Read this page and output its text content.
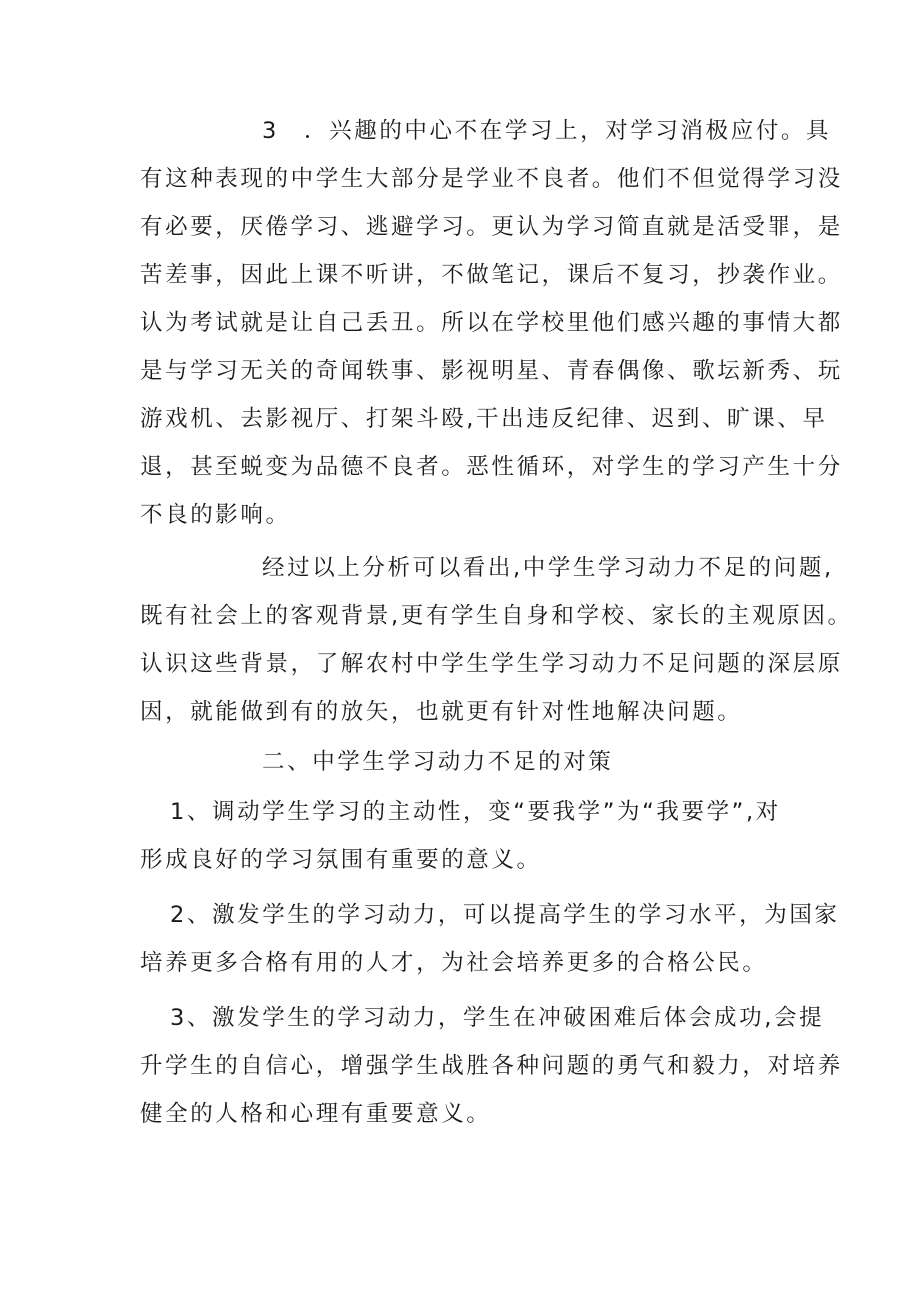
3　．兴趣的中心不在学习上，对学习消极应付。具
有这种表现的中学生大部分是学业不良者。他们不但觉得学习没
有必要，厌倦学习、逃避学习。更认为学习简直就是活受罪，是
苦差事，因此上课不听讲，不做笔记，课后不复习，抄袭作业。
认为考试就是让自己丢丑。所以在学校里他们感兴趣的事情大都
是与学习无关的奇闻轶事、影视明星、青春偶像、歌坛新秀、玩
游戏机、去影视厅、打架斗殴,干出违反纪律、迟到、旷课、早
退，甚至蜕变为品德不良者。恶性循环，对学生的学习产生十分
不良的影响。
经过以上分析可以看出,中学生学习动力不足的问题,
既有社会上的客观背景,更有学生自身和学校、家长的主观原因。
认识这些背景，了解农村中学生学生学习动力不足问题的深层原
因，就能做到有的放矢，也就更有针对性地解决问题。
二、中学生学习动力不足的对策
1、调动学生学习的主动性，变“要我学”为“我要学”,对
形成良好的学习氛围有重要的意义。
2、激发学生的学习动力，可以提高学生的学习水平，为国家
培养更多合格有用的人才，为社会培养更多的合格公民。
3、激发学生的学习动力，学生在冲破困难后体会成功,会提
升学生的自信心，增强学生战胜各种问题的勇气和毅力，对培养
健全的人格和心理有重要意义。
